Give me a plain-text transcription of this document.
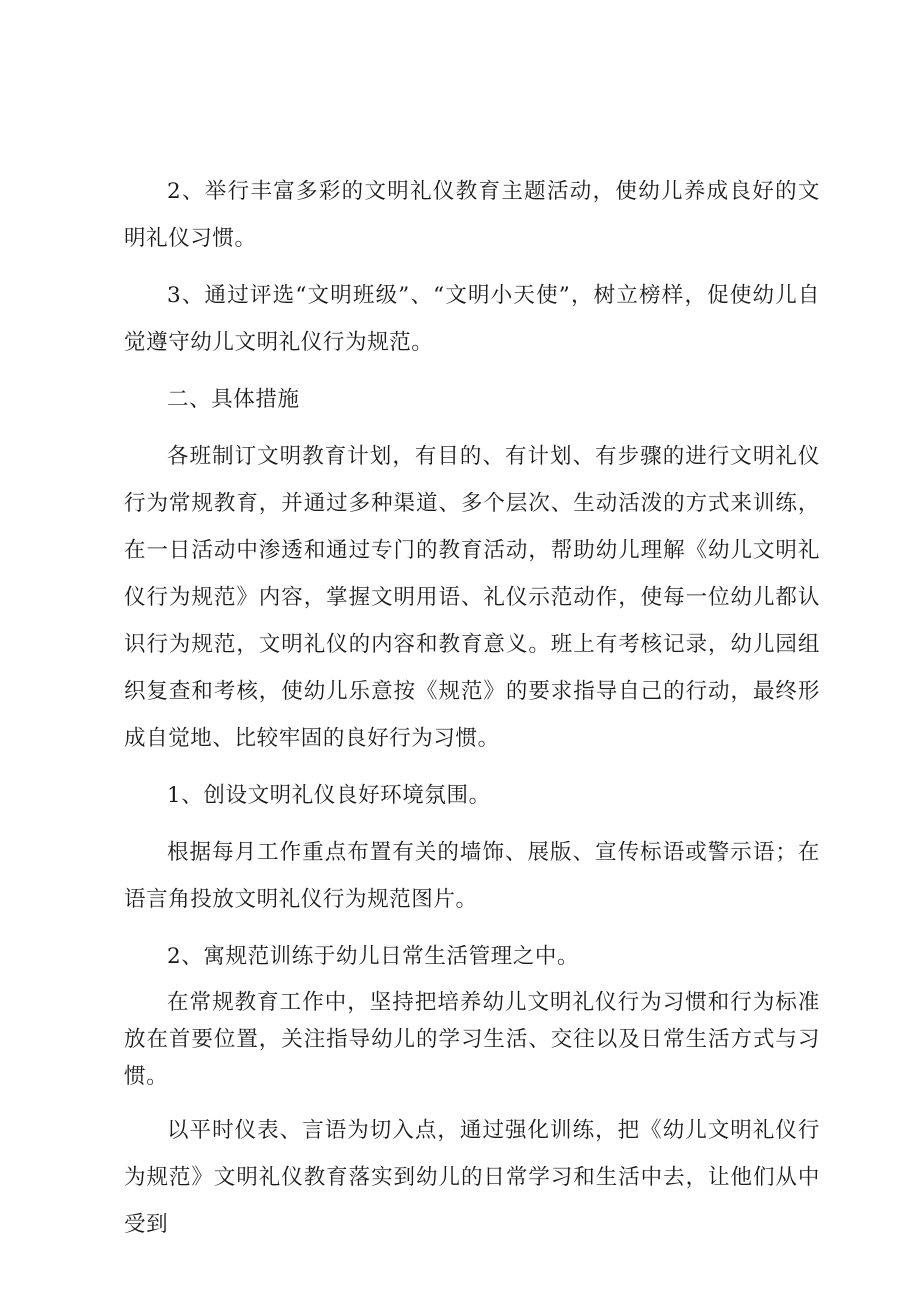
2、举行丰富多彩的文明礼仪教育主题活动，使幼儿养成良好的文明礼仪习惯。

3、通过评选“文明班级”、“文明小天使”，树立榜样，促使幼儿自觉遵守幼儿文明礼仪行为规范。

二、具体措施

各班制订文明教育计划，有目的、有计划、有步骤的进行文明礼仪行为常规教育，并通过多种渠道、多个层次、生动活泼的方式来训练，在一日活动中渗透和通过专门的教育活动，帮助幼儿理解《幼儿文明礼仪行为规范》内容，掌握文明用语、礼仪示范动作，使每一位幼儿都认识行为规范，文明礼仪的内容和教育意义。班上有考核记录，幼儿园组织复查和考核，使幼儿乐意按《规范》的要求指导自己的行动，最终形成自觉地、比较牢固的良好行为习惯。

1、创设文明礼仪良好环境氛围。

根据每月工作重点布置有关的墙饰、展版、宣传标语或警示语；在语言角投放文明礼仪行为规范图片。

2、寓规范训练于幼儿日常生活管理之中。

在常规教育工作中，坚持把培养幼儿文明礼仪行为习惯和行为标准放在首要位置，关注指导幼儿的学习生活、交往以及日常生活方式与习惯。

以平时仪表、言语为切入点，通过强化训练，把《幼儿文明礼仪行为规范》文明礼仪教育落实到幼儿的日常学习和生活中去，让他们从中受到
